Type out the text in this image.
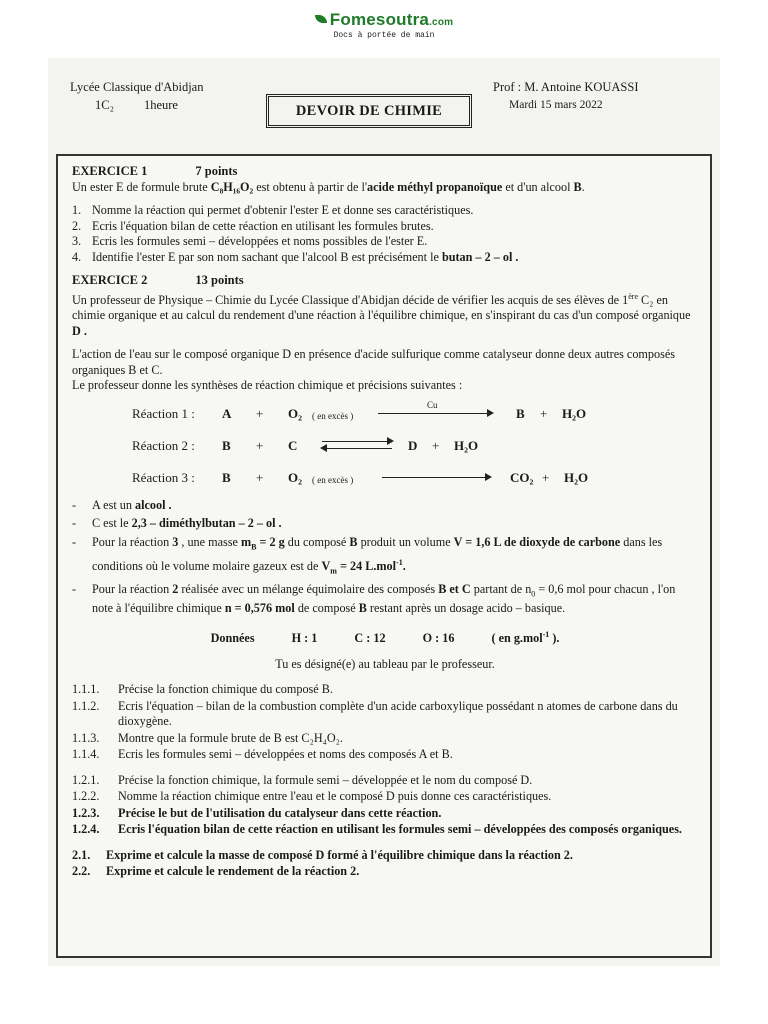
Fomesoutra.com
Docs à portée de main
Lycée Classique d'Abidjan
1C₂ 1heure	DEVOIR DE CHIMIE
Prof : M. Antoine KOUASSI
Mardi 15 mars 2022
EXERCICE 1	7 points

Un ester E de formule brute C₈H₁₆O₂ est obtenu à partir de l'acide méthyl propanoïque et d'un alcool B.

1. Nomme la réaction qui permet d'obtenir l'ester E et donne ses caractéristiques.
2. Ecris l'équation bilan de cette réaction en utilisant les formules brutes.
3. Ecris les formules semi – développées et noms possibles de l'ester E.
4. Identifie l'ester E par son nom sachant que l'alcool B est précisément le butan – 2 – ol .
EXERCICE 2	13 points

Un professeur de Physique – Chimie du Lycée Classique d'Abidjan décide de vérifier les acquis de ses élèves de 1ère C₂ en chimie organique et au calcul du rendement d'une réaction à l'équilibre chimique, en s'inspirant du cas d'un composé organique D .

L'action de l'eau sur le composé organique D en présence d'acide sulfurique comme catalyseur donne deux autres composés organiques B et C.

Le professeur donne les synthèses de réaction chimique et précisions suivantes :

Réaction 1 : A + O₂ ( en excès )
Cu
B + H₂O
Réaction 2 : B + C	D + H₂O
Réaction 3 : B + O₂ ( en excès )	CO₂ + H₂O
- A est un alcool .
- C est le 2,3 – diméthylbutan – 2 – ol .
- Pour la réaction 3 , une masse $m_B = 2$ g du composé B produit un volume V = 1,6 L de dioxyde de carbone dans les conditions où le volume molaire gazeux est de $V_m = 24$ L.mol$^{-1}$.
- Pour la réaction 2 réalisée avec un mélange équimolaire des composés B et C partant de $n_0 = 0,6$ mol pour chacun , l'on note à l'équilibre chimique n = 0,576 mol de composé B restant après un dosage acido – basique.
Données	H : 1	C : 12	O : 16	( en g.mol$^{-1}$ ).

Tu es désigné(e) au tableau par le professeur.

1.1.1. Précise la fonction chimique du composé B.

1.1.2. Ecris l'équation – bilan de la combustion complète d'un acide carboxylique possédant n atomes de carbone dans du dioxygène.

1.1.3. Montre que la formule brute de B est C₂H₄O₂.

1.1.4. Ecris les formules semi – développées et noms des composés A et B.

1.2.1. Précise la fonction chimique, la formule semi – développée et le nom du composé D.

1.2.2. Nomme la réaction chimique entre l'eau et le composé D puis donne ces caractéristiques.

1.2.3. Précise le but de l'utilisation du catalyseur dans cette réaction.

1.2.4. Ecris l'équation bilan de cette réaction en utilisant les formules semi – développées des composés organiques.

2.1. Exprime et calcule la masse de composé D formé à l'équilibre chimique dans la réaction 2.

2.2. Exprime et calcule le rendement de la réaction 2.
